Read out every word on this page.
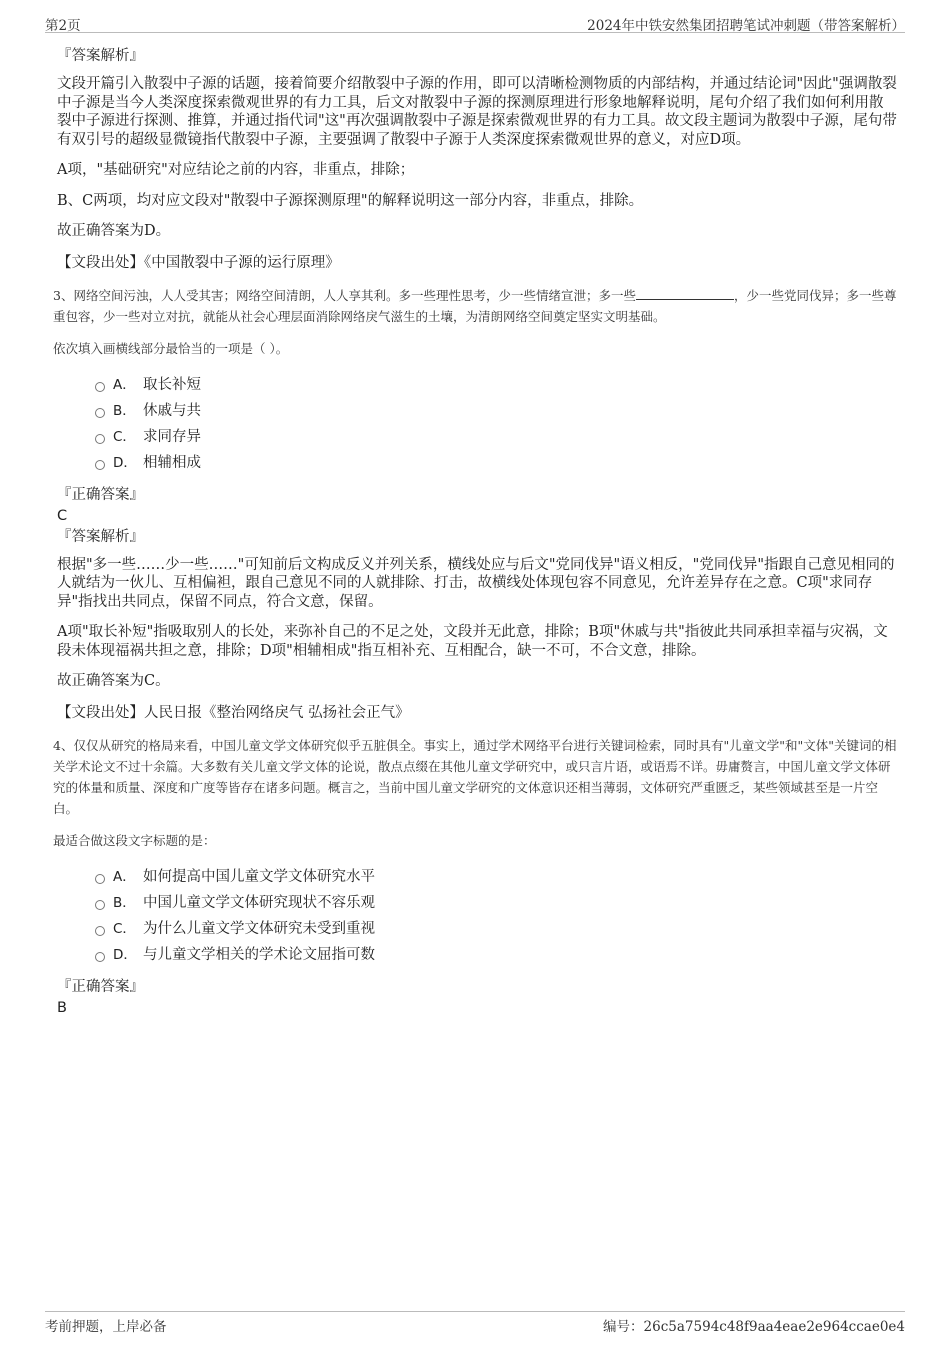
第2页	2024年中铁安然集团招聘笔试冲刺题（带答案解析）

『答案解析』

文段开篇引入散裂中子源的话题，接着简要介绍散裂中子源的作用，即可以清晰检测物质的内部结构，并通过结论词"因此"强调散裂中子源是当今人类深度探索微观世界的有力工具，后文对散裂中子源的探测原理进行形象地解释说明，尾句介绍了我们如何利用散裂中子源进行探测、推算，并通过指代词"这"再次强调散裂中子源是探索微观世界的有力工具。故文段主题词为散裂中子源，尾句带有双引号的超级显微镜指代散裂中子源，主要强调了散裂中子源于人类深度探索微观世界的意义，对应D项。

A项，"基础研究"对应结论之前的内容，非重点，排除；

B、C两项，均对应文段对"散裂中子源探测原理"的解释说明这一部分内容，非重点，排除。

故正确答案为D。

【文段出处】《中国散裂中子源的运行原理》

3、网络空间污浊，人人受其害；网络空间清朗，人人享其利。多一些理性思考，少一些情绪宣泄；多一些	，少一些党同伐异；多一些尊重包容，少一些对立对抗，就能从社会心理层面消除网络戾气滋生的土壤，为清朗网络空间奠定坚实文明基础。

依次填入画横线部分最恰当的一项是（ ）。

A． 取长补短
B． 休戚与共
C． 求同存异
D． 相辅相成

『正确答案』

C

『答案解析』

根据"多一些……少一些……"可知前后文构成反义并列关系，横线处应与后文"党同伐异"语义相反，"党同伐异"指跟自己意见相同的人就结为一伙儿、互相偏袒，跟自己意见不同的人就排除、打击，故横线处体现包容不同意见，允许差异存在之意。C项"求同存异"指找出共同点，保留不同点，符合文意，保留。

A项"取长补短"指吸取别人的长处，来弥补自己的不足之处，文段并无此意，排除；B项"休戚与共"指彼此共同承担幸福与灾祸，文段未体现福祸共担之意，排除；D项"相辅相成"指互相补充、互相配合，缺一不可，不合文意，排除。

故正确答案为C。

【文段出处】人民日报《整治网络戾气 弘扬社会正气》

4、仅仅从研究的格局来看，中国儿童文学文体研究似乎五脏俱全。事实上，通过学术网络平台进行关键词检索，同时具有"儿童文学"和"文体"关键词的相关学术论文不过十余篇。大多数有关儿童文学文体的论说，散点点缀在其他儿童文学研究中，或只言片语，或语焉不详。毋庸赘言，中国儿童文学文体研究的体量和质量、深度和广度等皆存在诸多问题。概言之，当前中国儿童文学研究的文体意识还相当薄弱，文体研究严重匮乏，某些领域甚至是一片空白。

最适合做这段文字标题的是：

A． 如何提高中国儿童文学文体研究水平
B． 中国儿童文学文体研究现状不容乐观
C． 为什么儿童文学文体研究未受到重视
D． 与儿童文学相关的学术论文屈指可数

『正确答案』

B

考前押题，上岸必备	编号：26c5a7594c48f9aa4eae2e964ccae0e4
